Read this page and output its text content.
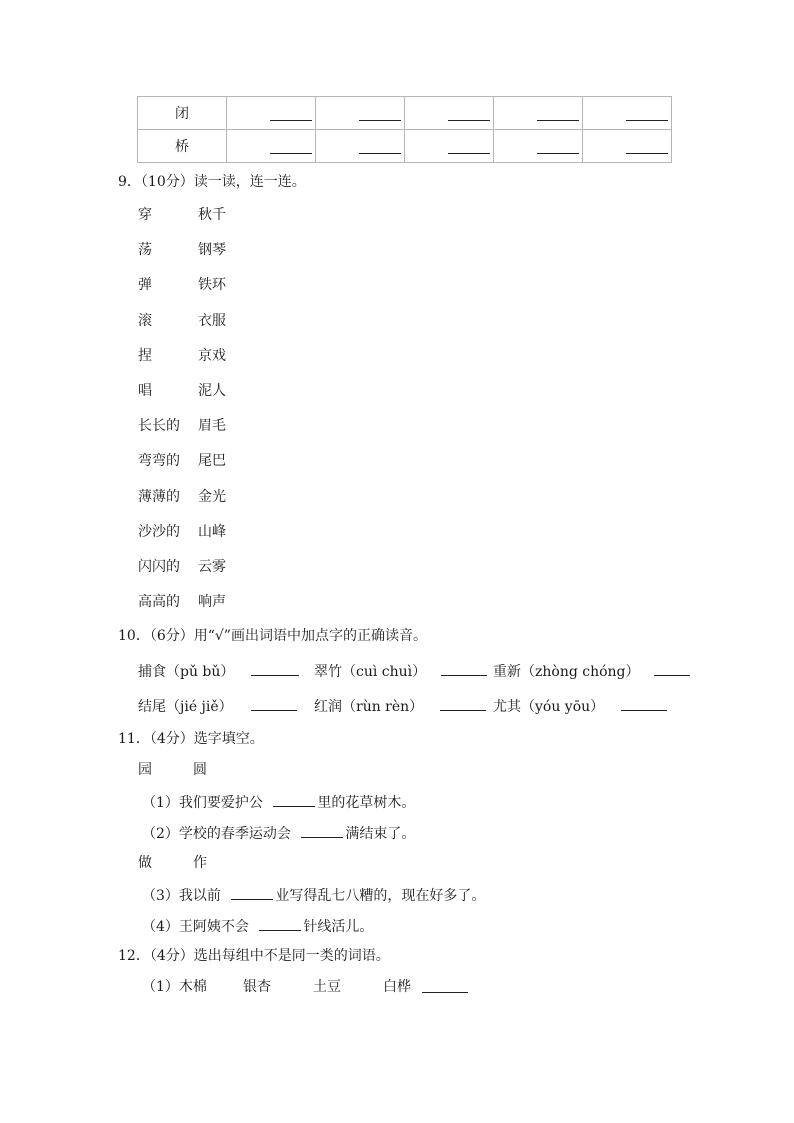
闭	

桥	

9．（10分）读一读，连一连。
穿	秋千
荡	钢琴
弹	铁环
滚	衣服
捏	京戏
唱	泥人
长长的 眉毛
弯弯的 尾巴
薄薄的 金光
沙沙的 山峰
闪闪的 云雾
高高的 响声
10．（6分）用“√”画出词语中加点字的正确读音。
捕食（pǔ bǔ）	翠竹（cuì chuì）	重新（zhòng chóng）
结尾（jié jiě）	红润（rùn rèn）	尤其（yóu yōu）
11．（4分）选字填空。
园	圆
（1）我们要爱护公	里的花草树木。
（2）学校的春季运动会	满结束了。
做	作
（3）我以前	业写得乱七八糟的，现在好多了。
（4）王阿姨不会	针线活儿。
12．（4分）选出每组中不是同一类的词语。
（1）木棉	银杏	土豆	白桦
